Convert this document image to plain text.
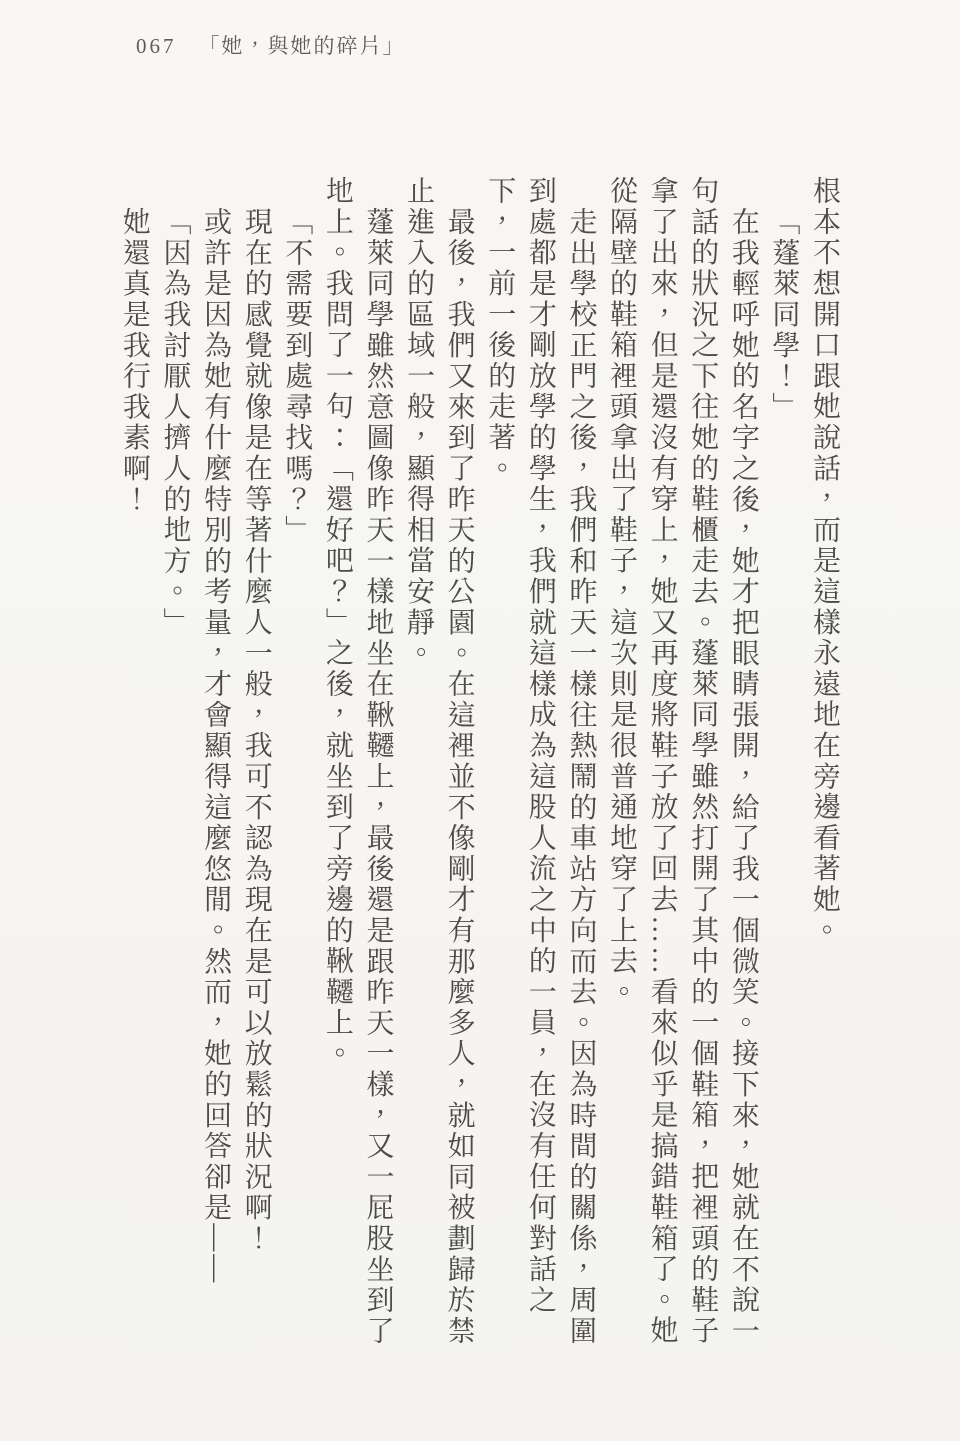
067 「她，與她的碎片」

根本不想開口跟她說話，而是這樣永遠地在旁邊看著她。

「蓬萊同學！」

在我輕呼她的名字之後，她才把眼睛張開，給了我一個微笑。接下來，她就在不說一句話的狀況之下往她的鞋櫃走去。蓬萊同學雖然打開了其中的一個鞋箱，把裡頭的鞋子拿了出來，但是還沒有穿上，她又再度將鞋子放了回去……看來似乎是搞錯鞋箱了。她從隔壁的鞋箱裡頭拿出了鞋子，這次則是很普通地穿了上去。

走出學校正門之後，我們和昨天一樣往熱鬧的車站方向而去。因為時間的關係，周圍到處都是才剛放學的學生，我們就這樣成為這股人流之中的一員，在沒有任何對話之下，一前一後的走著。

最後，我們又來到了昨天的公園。在這裡並不像剛才有那麼多人，就如同被劃歸於禁止進入的區域一般，顯得相當安靜。

蓬萊同學雖然意圖像昨天一樣地坐在鞦韆上，最後還是跟昨天一樣，又一屁股坐到了地上。我問了一句：「還好吧？」之後，就坐到了旁邊的鞦韆上。

「不需要到處尋找嗎？」

現在的感覺就像是在等著什麼人一般，我可不認為現在是可以放鬆的狀況啊！

或許是因為她有什麼特別的考量，才會顯得這麼悠閒。然而，她的回答卻是——

「因為我討厭人擠人的地方。」

她還真是我行我素啊！
